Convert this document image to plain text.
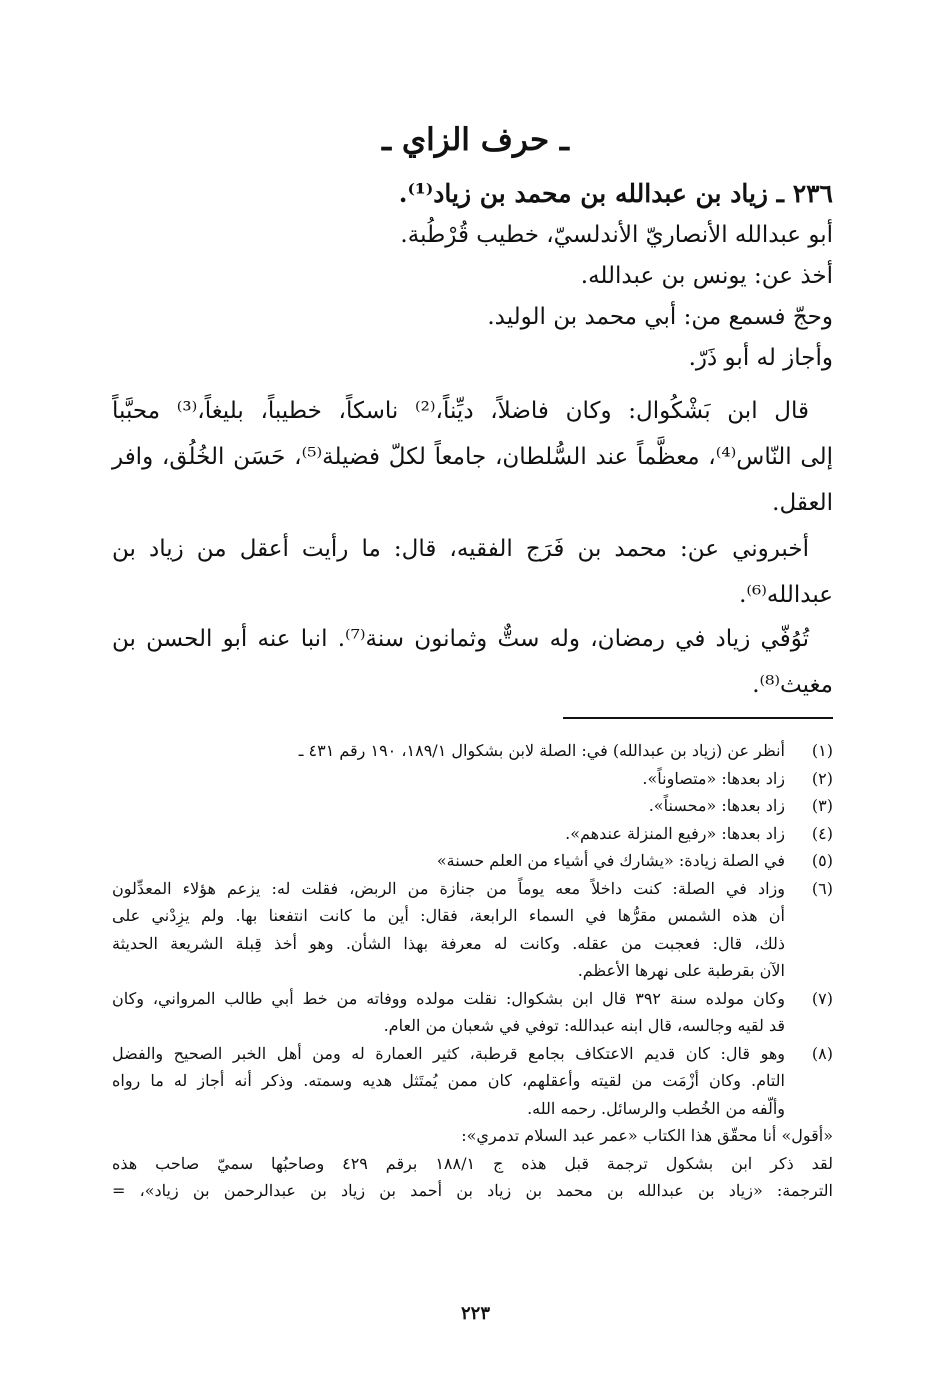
ـ حرف الزاي ـ
٢٣٦ ـ زياد بن عبدالله بن محمد بن زياد⁽¹⁾.
أبو عبدالله الأنصاريّ الأندلسيّ، خطيب قُرْطُبة.
أخذ عن: يونس بن عبدالله.
وحجّ فسمع من: أبي محمد بن الوليد.
وأجاز له أبو ذَرّ.
قال ابن بَشْكُوال: وكان فاضلاً، ديِّناً،⁽²⁾ ناسكاً، خطيباً، بليغاً،⁽³⁾ محبَّباً
إلى النّاس⁽⁴⁾، معظَّماً عند السُّلطان، جامعاً لكلّ فضيلة⁽⁵⁾، حَسَن الخُلُق، وافر
العقل.
أخبروني عن: محمد بن فَرَج الفقيه، قال: ما رأيت أعقل من زياد بن
عبدالله⁽⁶⁾.
تُوُفّي زياد في رمضان، وله ستٌّ وثمانون سنة⁽⁷⁾. انبا عنه أبو الحسن بن
مغيث⁽⁸⁾.
(١)
أنظر عن (زياد بن عبدالله) في: الصلة لابن بشكوال ١٨٩/١، ١٩٠ رقم ٤٣١ ـ
(٢)
زاد بعدها: «متصاوناً».
(٣)
زاد بعدها: «محسناً».
(٤)
زاد بعدها: «رفيع المنزلة عندهم».
(٥)
في الصلة زيادة: «يشارك في أشياء من العلم حسنة»
(٦)
وزاد في الصلة: كنت داخلاً معه يوماً من جنازة من الربض، فقلت له: يزعم هؤلاء المعدِّلون
أن هذه الشمس مقرُّها في السماء الرابعة، فقال: أين ما كانت انتفعنا بها. ولم يزِدْني على
ذلك، قال: فعجبت من عقله. وكانت له معرفة بهذا الشأن. وهو أخذ قِبلة الشريعة الحديثة
الآن بقرطبة على نهرها الأعظم.
(٧)
وكان مولده سنة ٣٩٢ قال ابن بشكوال: نقلت مولده ووفاته من خط أبي طالب المرواني، وكان
قد لقيه وجالسه، قال ابنه عبدالله: توفي في شعبان من العام.
(٨)
وهو قال: كان قديم الاعتكاف بجامع قرطبة، كثير العمارة له ومن أهل الخبر الصحيح والفضل
التام. وكان أزْمَت من لقيته وأعقلهم، كان ممن يُمتَثل هديه وسمته. وذكر أنه أجاز له ما رواه
وألّفه من الخُطب والرسائل. رحمه الله.
«أقول» أنا محقّق هذا الكتاب «عمر عبد السلام تدمري»:
لقد ذكر ابن بشكول ترجمة قبل هذه ج ١٨٨/١ برقم ٤٢٩ وصاحبُها سميّ صاحب هذه
الترجمة: «زياد بن عبدالله بن محمد بن زياد بن أحمد بن زياد بن عبدالرحمن بن زياد»، =
٢٢٣
